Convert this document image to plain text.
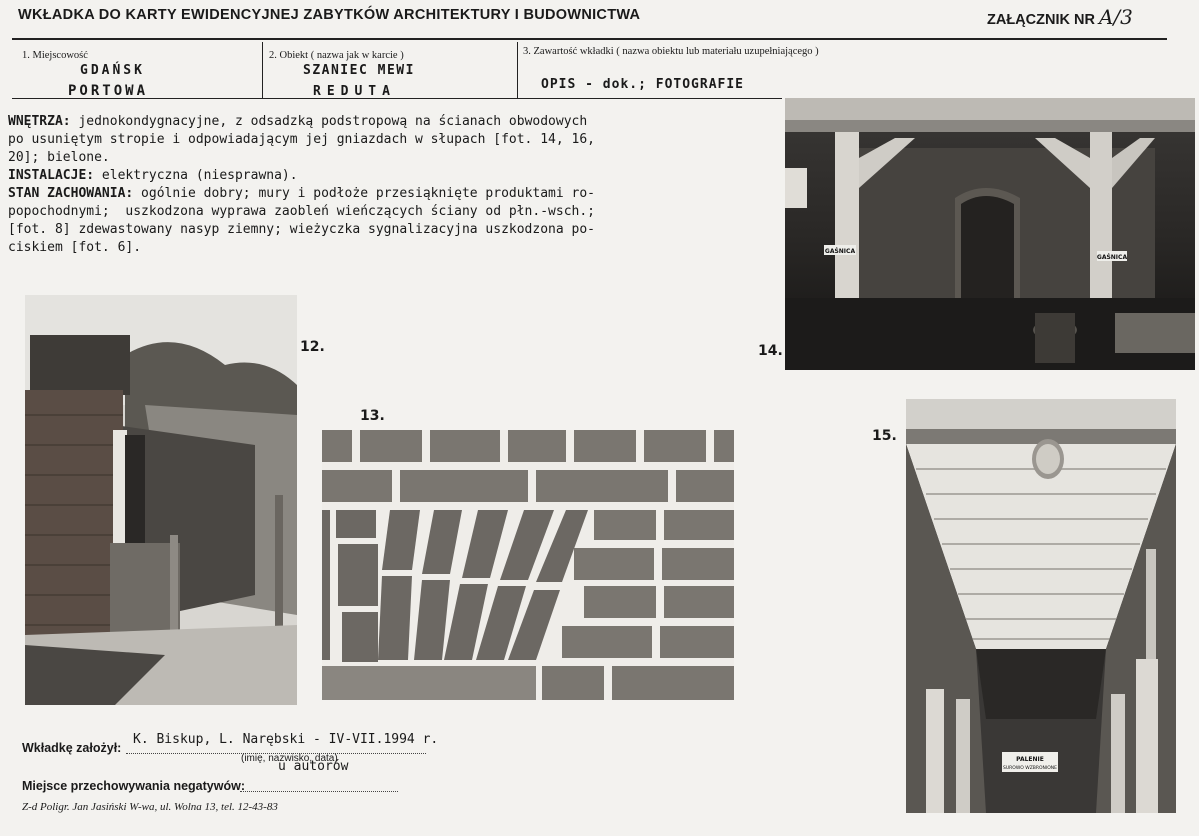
WKŁADKA DO KARTY EWIDENCYJNEJ ZABYTKÓW ARCHITEKTURY I BUDOWNICTWA	ZAŁĄCZNIK NR A/3
1. Miejscowość
GDAŃSK
PORTOWA
2. Obiekt ( nazwa jak w karcie )
SZANIEC MEWI
REDUTA
3. Zawartość wkładki ( nazwa obiektu lub materiału uzupełniającego )
OPIS - dok.; FOTOGRAFIE
WNĘTRZA: jednokondygnacyjne, z odsadzką podstropową na ścianach obwodowych
po usuniętym stropie i odpowiadającym jej gniazdach w słupach [fot. 14, 16,
20]; bielone.
INSTALACJE: elektryczna (niesprawna).
STAN ZACHOWANIA: ogólnie dobry; mury i podłoże przesiąknięte produktami ro-
popochodnymi;  uszkodzona wyprawa zaobleń wieńczących ściany od płn.-wsch.;
[fot. 8] zdewastowany nasyp ziemny; wieżyczka sygnalizacyjna uszkodzona po-
ciskiem [fot. 6].	GAŚNICA
GAŚNICA
14.
12.
13.
15.
PALENIE
SUROWO WZBRONIONE
Wkładkę założył:
K. Biskup, L. Narębski - IV-VII.1994 r.
(imię, nazwisko, data)
u autorów
Miejsce przechowywania negatywów:
Z-d Poligr. Jan Jasiński W-wa, ul. Wolna 13, tel. 12-43-83
